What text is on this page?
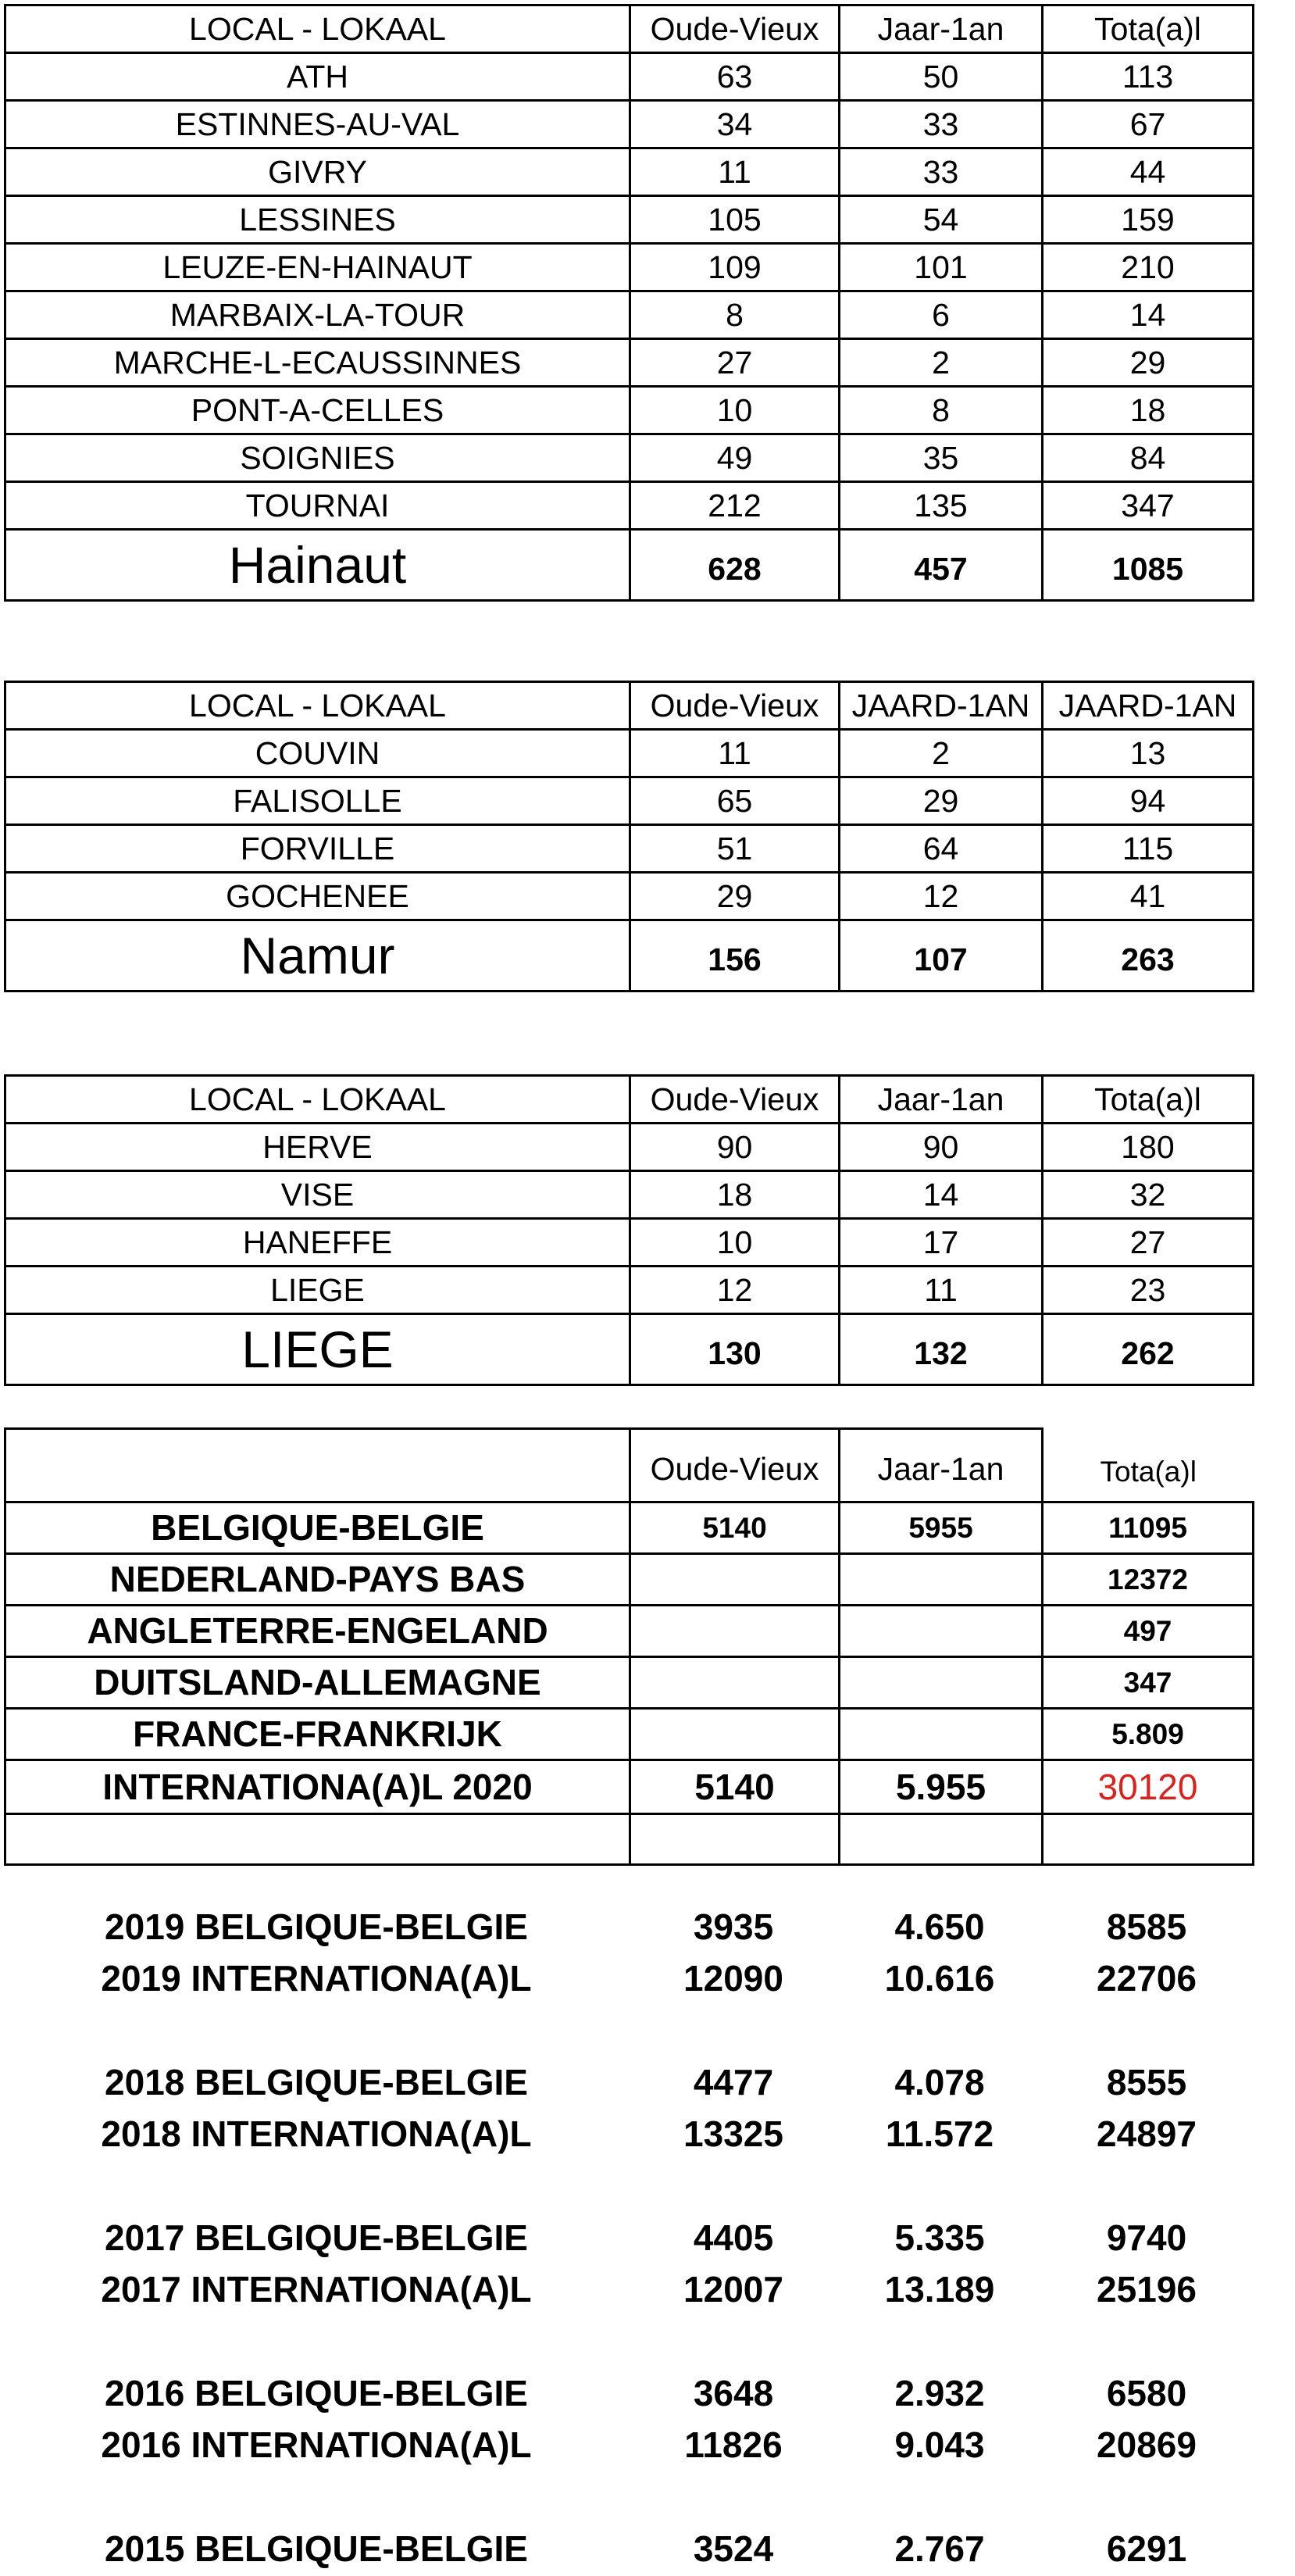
LOCAL - LOKAAL	Oude-Vieux	Jaar-1an	Tota(a)l
ATH	63	50	113
ESTINNES-AU-VAL	34	33	67
GIVRY	11	33	44
LESSINES	105	54	159
LEUZE-EN-HAINAUT	109	101	210
MARBAIX-LA-TOUR	8	6	14
MARCHE-L-ECAUSSINNES	27	2	29
PONT-A-CELLES	10	8	18
SOIGNIES	49	35	84
TOURNAI	212	135	347
Hainaut	628	457	1085
LOCAL - LOKAAL	Oude-Vieux	JAARD-1AN	JAARD-1AN
COUVIN	11	2	13
FALISOLLE	65	29	94
FORVILLE	51	64	115
GOCHENEE	29	12	41
Namur	156	107	263
LOCAL - LOKAAL	Oude-Vieux	Jaar-1an	Tota(a)l
HERVE	90	90	180
VISE	18	14	32
HANEFFE	10	17	27
LIEGE	12	11	23
LIEGE	130	132	262
	Oude-Vieux	Jaar-1an	Tota(a)l
BELGIQUE-BELGIE	5140	5955	11095
NEDERLAND-PAYS BAS			12372
ANGLETERRE-ENGELAND			497
DUITSLAND-ALLEMAGNE			347
FRANCE-FRANKRIJK			5.809
INTERNATIONA(A)L 2020	5140	5.955	30120

2019 BELGIQUE-BELGIE	3935	4.650	8585
2019 INTERNATIONA(A)L	12090	10.616	22706
2018 BELGIQUE-BELGIE	4477	4.078	8555
2018 INTERNATIONA(A)L	13325	11.572	24897
2017 BELGIQUE-BELGIE	4405	5.335	9740
2017 INTERNATIONA(A)L	12007	13.189	25196
2016 BELGIQUE-BELGIE	3648	2.932	6580
2016 INTERNATIONA(A)L	11826	9.043	20869
2015 BELGIQUE-BELGIE	3524	2.767	6291
